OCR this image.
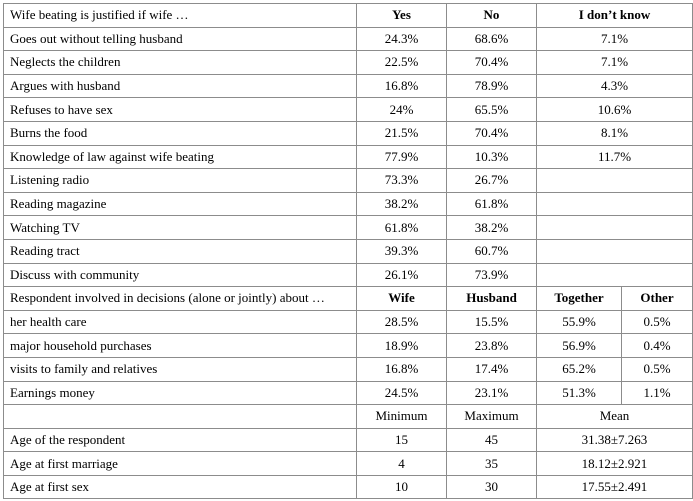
Wife beating is justified if wife …	Yes	No	I don’t know	
Goes out without telling husband	24.3%	68.6%	7.1%	
Neglects the children	22.5%	70.4%	7.1%	
Argues with husband	16.8%	78.9%	4.3%	
Refuses to have sex	24%	65.5%	10.6%	
Burns the food	21.5%	70.4%	8.1%	
Knowledge of law against wife beating	77.9%	10.3%	11.7%	
Listening radio	73.3%	26.7%		
Reading magazine	38.2%	61.8%		
Watching TV	61.8%	38.2%		
Reading tract	39.3%	60.7%		
Discuss with community	26.1%	73.9%		
Respondent involved in decisions (alone or jointly) about …	Wife	Husband	Together	Other
her health care	28.5%	15.5%	55.9%	0.5%
major household purchases	18.9%	23.8%	56.9%	0.4%
visits to family and relatives	16.8%	17.4%	65.2%	0.5%
Earnings money	24.5%	23.1%	51.3%	1.1%
	Minimum	Maximum	Mean	
Age of the respondent	15	45	31.38±7.263	
Age at first marriage	4	35	18.12±2.921	
Age at first sex	10	30	17.55±2.491	
